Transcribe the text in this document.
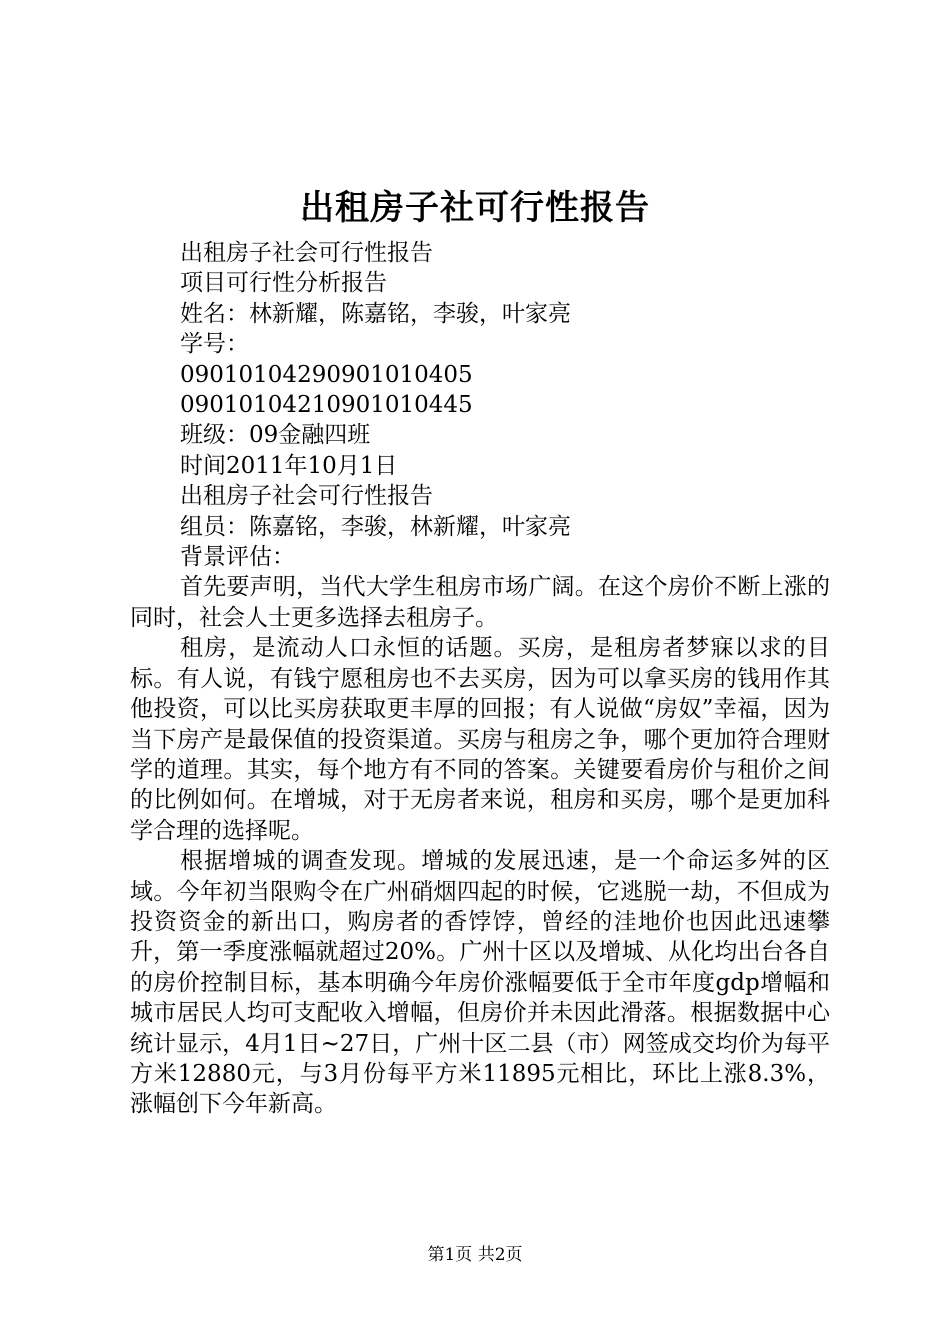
出租房子社可行性报告

出租房子社会可行性报告

项目可行性分析报告

姓名：林新耀，陈嘉铭，李骏，叶家亮

学号：

0901010429090101040​5

0901010421090101044​5

班级：09金融四班

时间2011年10月1日

出租房子社会可行性报告

组员：陈嘉铭，李骏，林新耀，叶家亮

背景评估：

首先要声明，当代大学生租房市场广阔。在这个房价不断上涨的同时，社会人士更多选择去租房子。

租房，是流动人口永恒的话题。买房，是租房者梦寐以求的目标。有人说，有钱宁愿租房也不去买房，因为可以拿买房的钱用作其他投资，可以比买房获取更丰厚的回报；有人说做“房奴”幸福，因为当下房产是最保值的投资渠道。买房与租房之争，哪个更加符合理财学的道理。其实，每个地方有不同的答案。关键要看房价与租价之间的比例如何。在增城，对于无房者来说，租房和买房，哪个是更加科学合理的选择呢。

根据增城的调查发现。增城的发展迅速，是一个命运多舛的区域。今年初当限购令在广州硝烟四起的时候，它逃脱一劫，不但成为投资资金的新出口，购房者的香饽饽，曾经的洼地价也因此迅速攀升，第一季度涨幅就超过20%。广州十区以及增城、从化均出台各自的房价控制目标，基本明确今年房价涨幅要低于全市年度gdp增幅和城市居民人均可支配收入增幅，但房价并未因此滑落。根据数据中心统计显示，4月1日~27日，广州十区二县（市）网签成交均价为每平方米12880元，与3月份每平方米11895元相比，环比上涨8.3%，涨幅创下今年新高。

第1页 共2页
